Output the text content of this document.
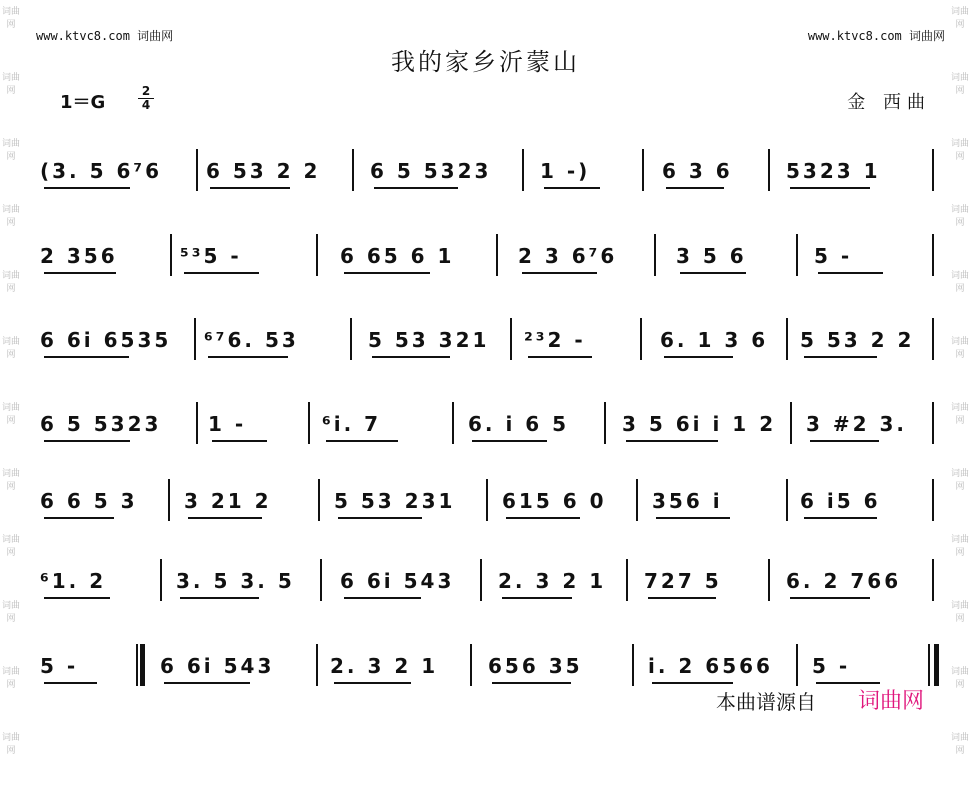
词曲网
词曲网
词曲网
词曲网
词曲网
词曲网
词曲网
词曲网
词曲网
词曲网
词曲网
词曲网
词曲网
词曲网
词曲网
词曲网
词曲网
词曲网
词曲网
词曲网
词曲网
词曲网
词曲网
词曲网
www.ktvc8.com 词曲网	www.ktvc8.com 词曲网
我的家乡沂蒙山
1＝G
2
4	金 西曲
(3. 5 6⁷6 6 53 2 2 6 5 5323 1 -)	6 3 6	5323 1
2 356	⁵³5 -	6 65 6 1	2 3 6⁷6	3 5 6	5 -
6 6i 6535 ⁶⁷6. 53	5 53 321 ²³2 -	6. 1 3 6 5 53 2 2
6 5 5323 1 -	⁶i. 7	6. i 6 5	3 5 6i i 1 2 3 #2 3.
6 6 5 3 3 21 2	5 53 231 615 6 0 356 i	6 i5 6
⁶1. 2	3. 5 3. 5 6 6i 543 2. 3 2 1 727 5	6. 2 766
5 -	6 6i 543	2. 3 2 1 656 35	i. 2 6566 5 -
本曲谱源自 词曲网
